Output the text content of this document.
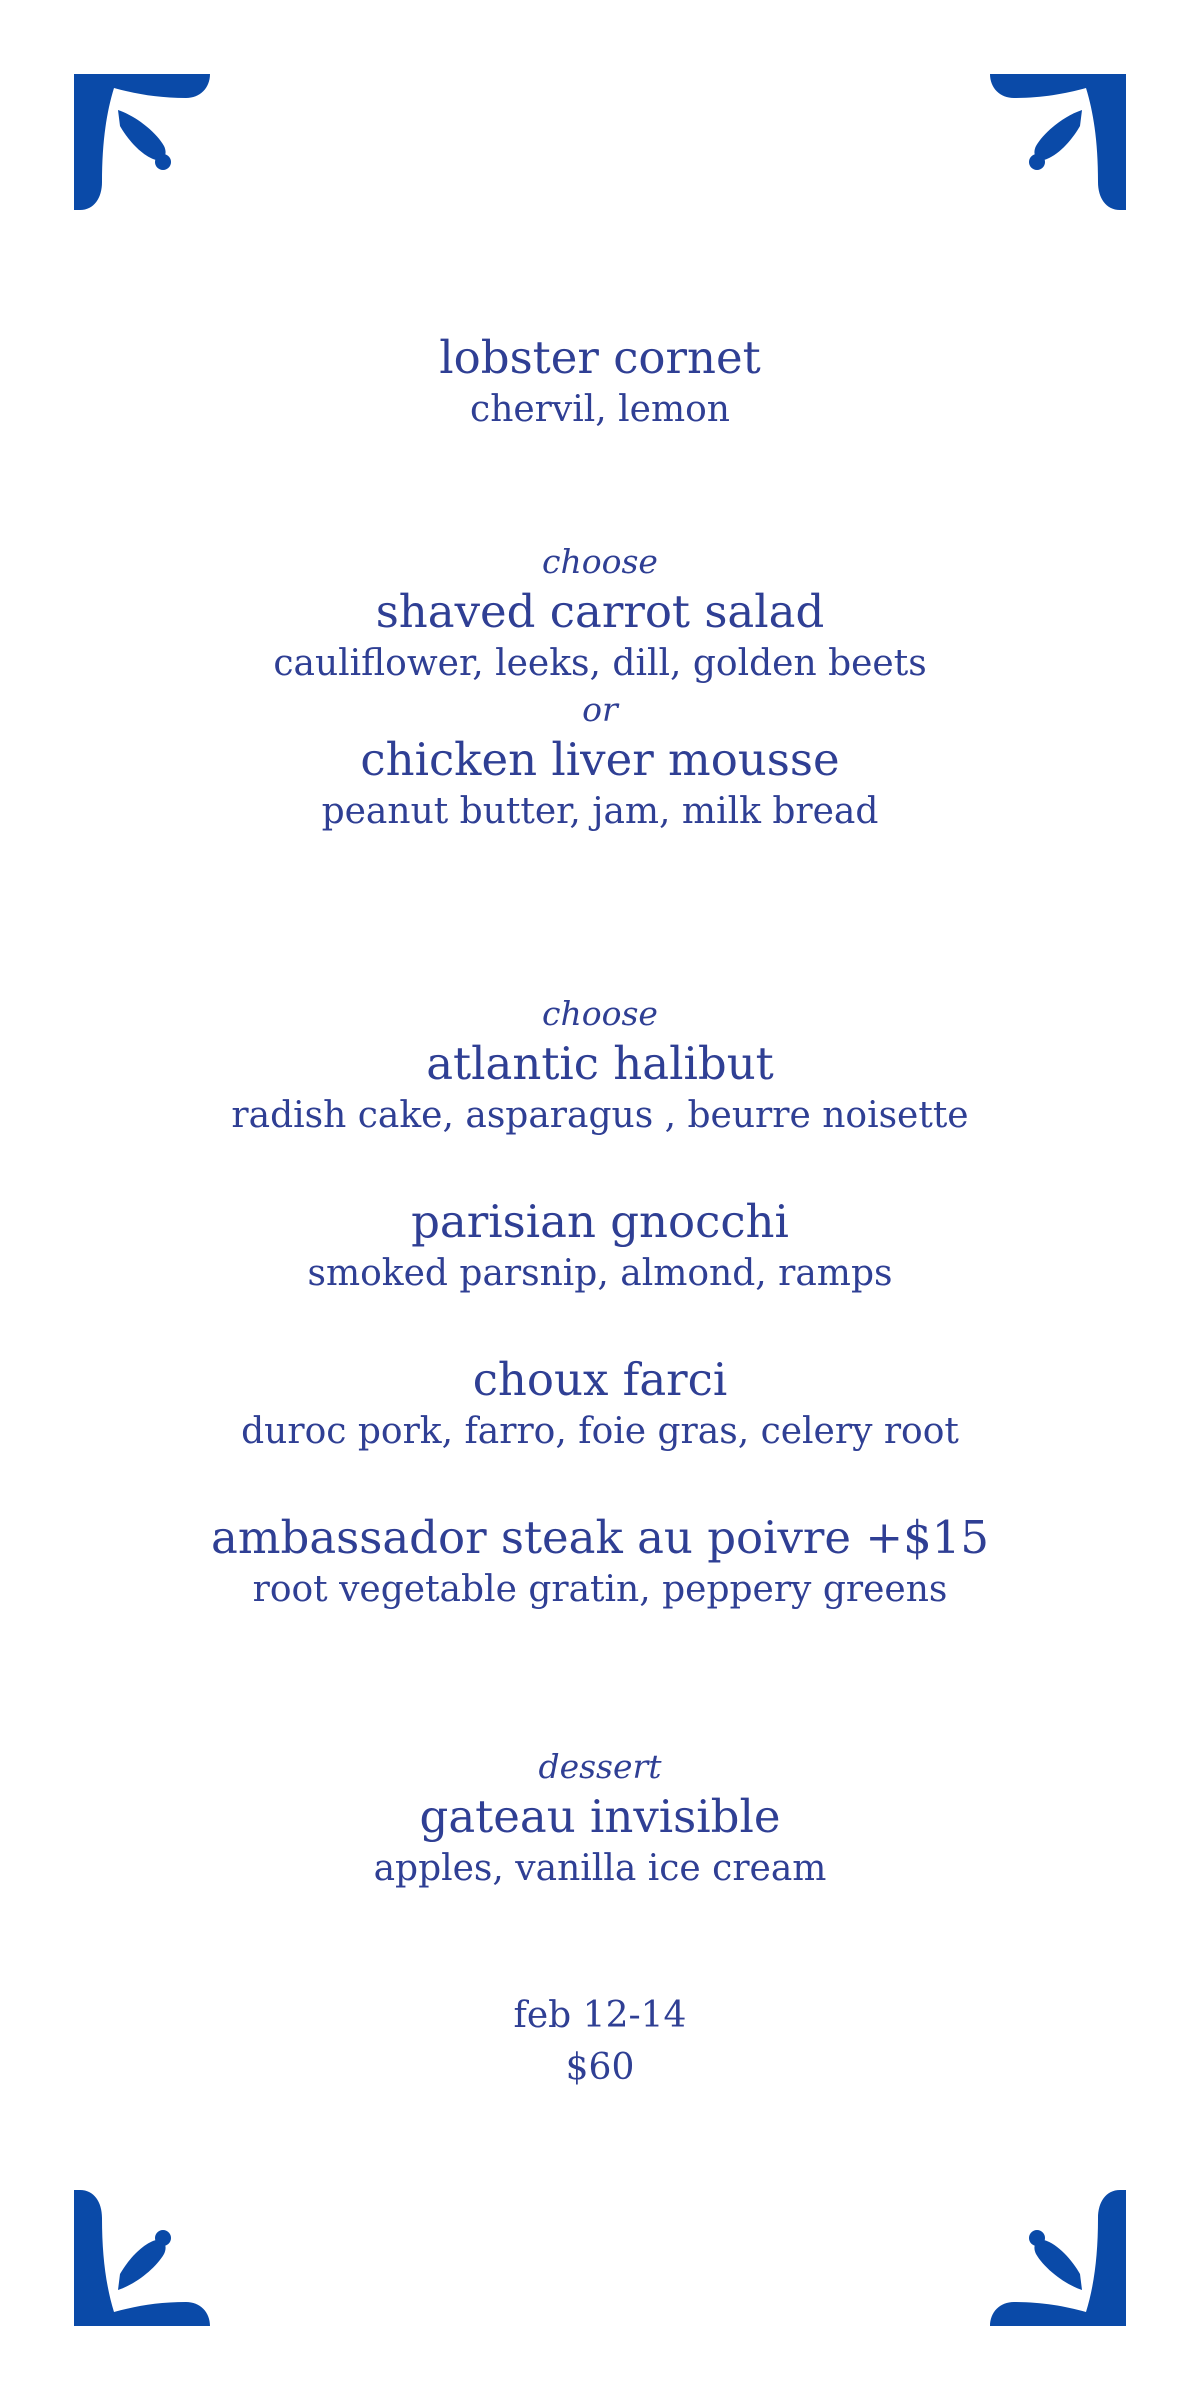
lobster cornet

chervil, lemon

choose

shaved carrot salad

cauliflower, leeks, dill, golden beets

or

chicken liver mousse

peanut butter, jam, milk bread

choose

atlantic halibut

radish cake, asparagus , beurre noisette

parisian gnocchi

smoked parsnip, almond, ramps

choux farci

duroc pork, farro, foie gras, celery root

ambassador steak au poivre +$15

root vegetable gratin, peppery greens

dessert

gateau invisible

apples, vanilla ice cream

feb 12-14

$60
